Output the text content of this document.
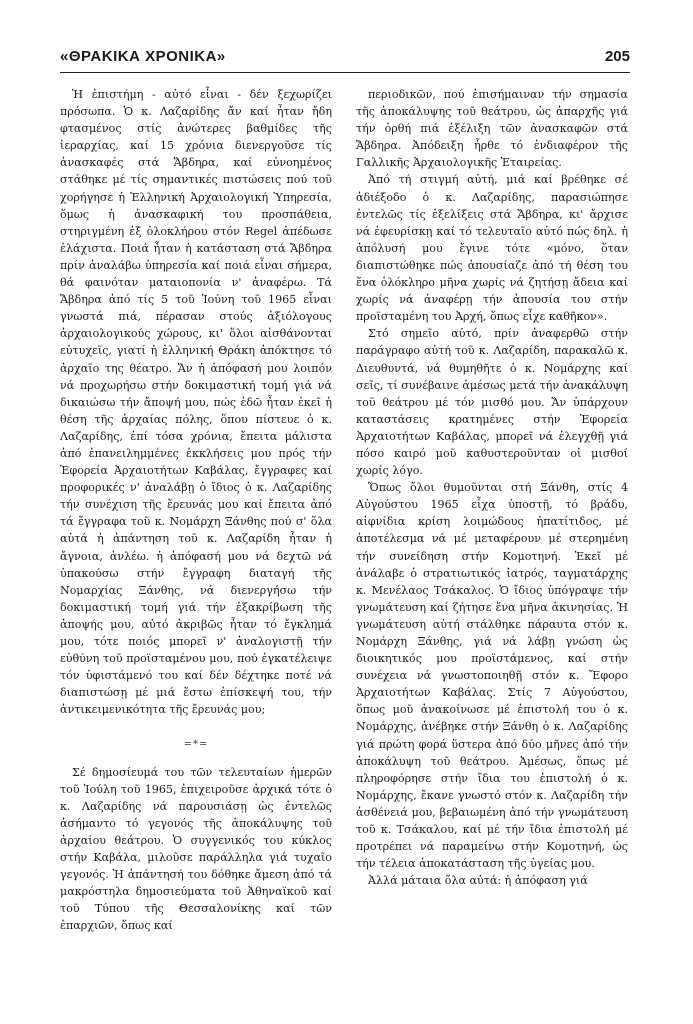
«ΘΡΑΚΙΚΑ ΧΡΟΝΙΚΑ»	205

Ἡ ἐπιστήμη - αὐτό εἶναι - δέν ξεχωρίζει πρόσωπα. Ὁ κ. Λαζαρίδης ἄν καί ἦταν ἤδη φτασμένος στίς ἀνώτερες βαθμίδες τῆς ἱεραρχίας, καί 15 χρόνια διενεργοῦσε τίς ἀνασκαφές στά Ἄβδηρα, καί εὐνοημένος στάθηκε μέ τίς σημαντικές πιστώσεις πού τοῦ χορήγησε ἡ Ἑλληνική Ἀρχαιολογική Ὑπηρεσία, ὅμως ἡ ἀνασκαφική του προσπάθεια, στηριγμένη ἐξ ὁλοκλήρου στόν Regel ἀπέδωσε ἐλάχιστα. Ποιά ἦταν ἡ κατάσταση στά Ἄβδηρα πρίν ἀναλάβω ὑπηρεσία καί ποιά εἶναι σήμερα, θά φαινόταν ματαιοπονία ν' ἀναφέρω. Τά Ἄβδηρα ἀπό τίς 5 τοῦ Ἰούνη τοῦ 1965 εἶναι γνωστά πιά, πέρασαν στούς ἀξιόλογους ἀρχαιολογικούς χώρους, κι' ὅλοι αἰσθάνονται εὐτυχεῖς, γιατί ἡ ἑλληνική Θράκη ἀπόκτησε τό ἀρχαῖο της θέατρο. Ἄν ἡ ἀπόφασή μου λοιπόν νά προχωρήσω στήν δοκιμαστική τομή γιά νά δικαιώσω τήν ἄποψή μου, πώς ἐδῶ ἦταν ἐκεῖ ἡ θέση τῆς ἀρχαίας πόλης, ὅπου πίστευε ὁ κ. Λαζαρίδης, ἐπί τόσα χρόνια, ἔπειτα μάλιστα ἀπό ἐπανειλημμένες ἐκκλήσεις μου πρός τήν Ἐφορεία Ἀρχαιοτήτων Καβάλας, ἔγγραφες καί προφορικές ν' ἀναλάβῃ ὁ ἴδιος ὁ κ. Λαζαρίδης τήν συνέχιση τῆς ἔρευνάς μου καί ἔπειτα ἀπό τά ἔγγραφα τοῦ κ. Νομάρχη Ξάνθης πού σ' ὅλα αὐτά ἡ ἀπάντηση τοῦ κ. Λαζαρίδη ἦταν ἡ ἄγνοια, ἀνλέω. ἡ ἀπόφασή μου νά δεχτῶ νά ὑπακούσω στήν ἔγγραφη διαταγή τῆς Νομαρχίας Ξάνθης, νά διενεργήσω τήν δοκιμαστική τομή γιά τήν ἐξακρίβωση τῆς ἀποψής μου, αὐτό ἀκριβῶς ἦταν τό ἔγκλημά μου, τότε ποιός μπορεῖ ν' ἀναλογιστῇ τήν εὐθύνη τοῦ προϊσταμένου μου, πού ἐγκατέλειψε τόν ὑφιστάμενό του καί δέν δέχτηκε ποτέ νά διαπιστώσῃ μέ μιά ἔστω ἐπίσκεψή του, τήν ἀντικειμενικότητα τῆς ἔρευνάς μου;

=*=

Σέ δημοσίευμά του τῶν τελευταίων ἡμερῶν τοῦ Ἰούλη τοῦ 1965, ἐπιχειροῦσε ἀρχικά τότε ὁ κ. Λαζαρίδης νά παρουσιάσῃ ὡς ἐντελῶς ἀσήμαντο τό γεγονός τῆς ἀποκάλυψης τοῦ ἀρχαίου θεάτρου. Ὁ συγγενικός του κύκλος στήν Καβάλα, μιλοῦσε παράλληλα γιά τυχαῖο γεγονός. Ἡ ἀπάντησή του δόθηκε ἄμεση ἀπό τά μακρόστηλα δημοσιεύματα τοῦ Ἀθηναϊκοῦ καί τοῦ Τύπου τῆς Θεσσαλονίκης καί τῶν ἐπαρχιῶν, ὅπως καί

περιοδικῶν, πού ἐπισήμαιναν τήν σημασία τῆς ἀποκάλυψης τοῦ θεάτρου, ὡς ἀπαρχῆς γιά τήν ὀρθή πιά ἐξέλιξη τῶν ἀνασκαφῶν στά Ἄβδηρα. Ἀπόδειξη ἦρθε τό ἐνδιαφέρον τῆς Γαλλικῆς Ἀρχαιολογικῆς Ἑταιρείας.

Ἀπό τή στιγμή αὐτή, μιά καί βρέθηκε σέ ἀδιέξοδο ὁ κ. Λαζαρίδης, παρασιώπησε ἐντελῶς τίς ἐξελίξεις στά Ἄβδηρα, κι' ἄρχισε νά ἐφευρίσκῃ καί τό τελευταῖο αὐτό πώς δηλ. ἡ ἀπόλυσή μου ἔγινε τότε «μόνο, ὅταν διαπιστώθηκε πώς ἀπουσίαζε ἀπό τή θέση του ἕνα ὁλόκληρο μῆνα χωρίς νά ζητήσῃ ἄδεια καί χωρίς νά ἀναφέρῃ τήν ἀπουσία του στήν προϊσταμένη του Ἀρχή, ὅπως εἶχε καθῆκον».

Στό σημεῖο αὐτό, πρίν ἀναφερθῶ στήν παράγραφο αὐτή τοῦ κ. Λαζαρίδη, παρακαλῶ κ. Διευθυντά, νά θυμηθῆτε ὁ κ. Νομάρχης καί σεῖς, τί συνέβαινε ἀμέσως μετά τήν ἀνακάλυψη τοῦ θεάτρου μέ τόν μισθό μου. Ἄν ὑπάρχουν καταστάσεις κρατημένες στήν Ἐφορεία Ἀρχαιοτήτων Καβάλας, μπορεῖ νά ἐλεγχθῇ γιά πόσο καιρό μοῦ καθυστεροῦνταν οἱ μισθοί χωρίς λόγο.

Ὅπως ὅλοι θυμοῦνται στή Ξάνθη, στίς 4 Αὐγούστου 1965 εἶχα ὑποστῇ, τό βράδυ, αἰφνίδια κρίση λοιμώδους ἡπατίτιδος, μέ ἀποτέλεσμα νά μέ μεταφέρουν μέ στερημένη τήν συνείδηση στήν Κομοτηνή. Ἐκεῖ μέ ἀνάλαβε ὁ στρατιωτικός ἰατρός, ταγματάρχης κ. Μενέλαος Τσάκαλος. Ὁ ἴδιος ὑπόγραψε τήν γνωμάτευση καί ζήτησε ἕνα μῆνα ἀκινησίας. Ἡ γνωμάτευση αὐτή στάλθηκε πάραυτα στόν κ. Νομάρχη Ξάνθης, γιά νά λάβῃ γνώση ὡς διοικητικός μου προϊστάμενος, καί στήν συνέχεια νά γνωστοποιηθῇ στόν κ. Ἔφορο Ἀρχαιοτήτων Καβάλας. Στίς 7 Αὐγούστου, ὅπως μοῦ ἀνακοίνωσε μέ ἐπιστολή του ὁ κ. Νομάρχης, ἀνέβηκε στήν Ξάνθη ὁ κ. Λαζαρίδης γιά πρώτη φορά ὕστερα ἀπό δύο μῆνες ἀπό τήν ἀποκάλυψη τοῦ θεάτρου. Ἀμέσως, ὅπως μέ πληροφόρησε στήν ἴδια του ἐπιστολή ὁ κ. Νομάρχης, ἔκανε γνωστό στόν κ. Λαζαρίδη τήν ἀσθένειά μου, βεβαιωμένη ἀπό τήν γνωμάτευση τοῦ κ. Τσάκαλου, καί μέ τήν ἴδια ἐπιστολή μέ προτρέπει νά παραμείνω στήν Κομοτηνή, ὡς τήν τέλεια ἀποκατάσταση τῆς ὑγείας μου.

Ἀλλά μάταια ὅλα αὐτά: ἡ ἀπόφαση γιά
